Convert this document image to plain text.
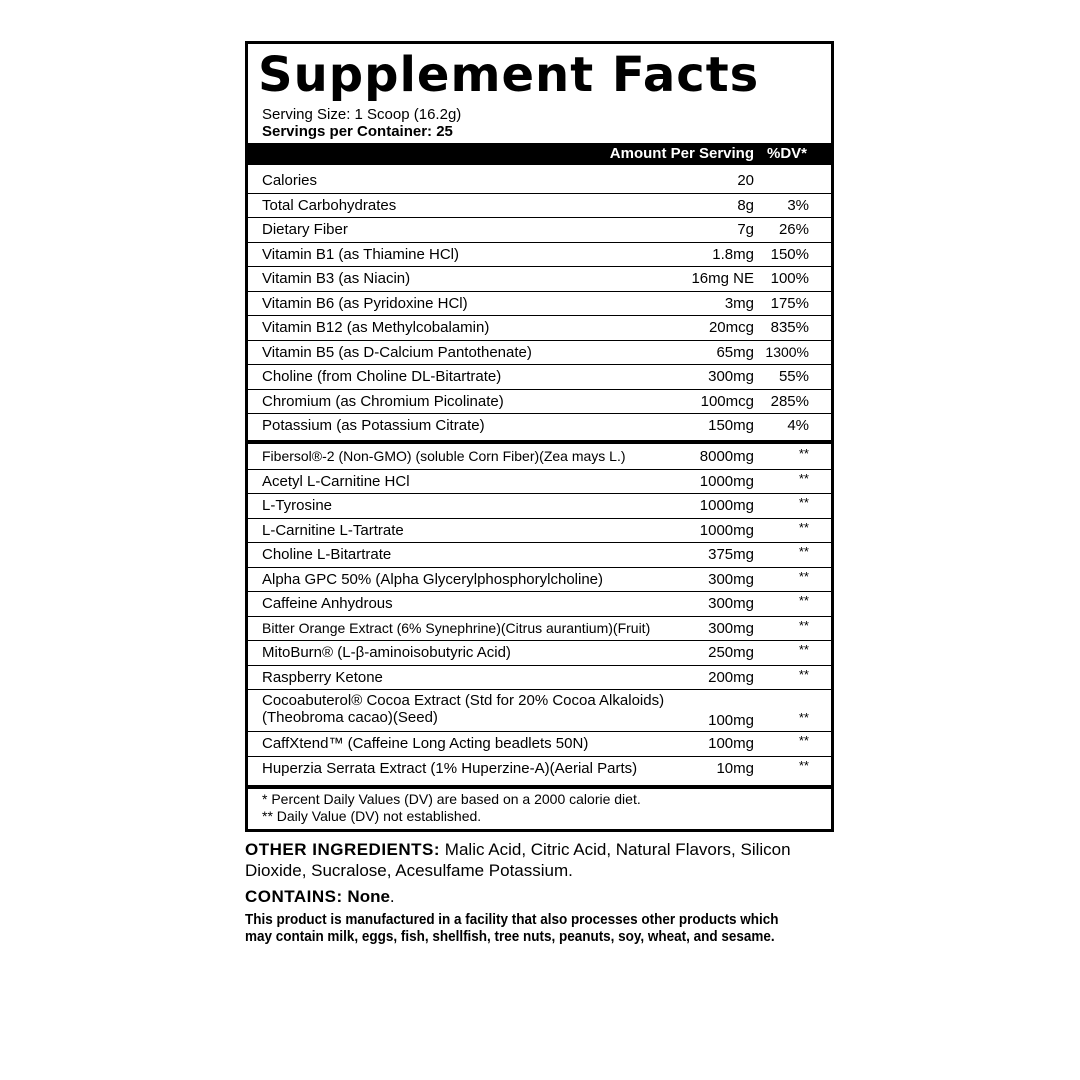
Supplement Facts
Serving Size: 1 Scoop (16.2g)
Servings per Container: 25
Amount Per Serving %DV*
Calories	20
Total Carbohydrates	8g 3%
Dietary Fiber	7g 26%
Vitamin B1 (as Thiamine HCl)	1.8mg 150%
Vitamin B3 (as Niacin)	16mg NE 100%
Vitamin B6 (as Pyridoxine HCl)	3mg 175%
Vitamin B12 (as Methylcobalamin)	20mcg 835%
Vitamin B5 (as D-Calcium Pantothenate)	65mg 1300%
Choline (from Choline DL-Bitartrate)	300mg 55%
Chromium (as Chromium Picolinate)	100mcg 285%
Potassium (as Potassium Citrate)	150mg 4%
Fibersol®-2 (Non-GMO) (soluble Corn Fiber)(Zea mays L.)	8000mg	**
Acetyl L-Carnitine HCl	1000mg	**
L-Tyrosine	1000mg	**
L-Carnitine L-Tartrate	1000mg	**
Choline L-Bitartrate	375mg	**
Alpha GPC 50% (Alpha Glycerylphosphorylcholine)	300mg	**
Caffeine Anhydrous	300mg	**
Bitter Orange Extract (6% Synephrine)(Citrus aurantium)(Fruit)	300mg	**
MitoBurn® (L-β-aminoisobutyric Acid)	250mg	**
Raspberry Ketone	200mg	**
Cocoabuterol® Cocoa Extract (Std for 20% Cocoa Alkaloids)(Theobroma cacao)(Seed)	100mg	**
CaffXtend™ (Caffeine Long Acting beadlets 50N)	100mg	**
Huperzia Serrata Extract (1% Huperzine-A)(Aerial Parts)	10mg	**
* Percent Daily Values (DV) are based on a 2000 calorie diet.
** Daily Value (DV) not established.
OTHER INGREDIENTS: Malic Acid, Citric Acid, Natural Flavors, Silicon Dioxide, Sucralose, Acesulfame Potassium.
CONTAINS: None.
This product is manufactured in a facility that also processes other products which may contain milk, eggs, fish, shellfish, tree nuts, peanuts, soy, wheat, and sesame.
